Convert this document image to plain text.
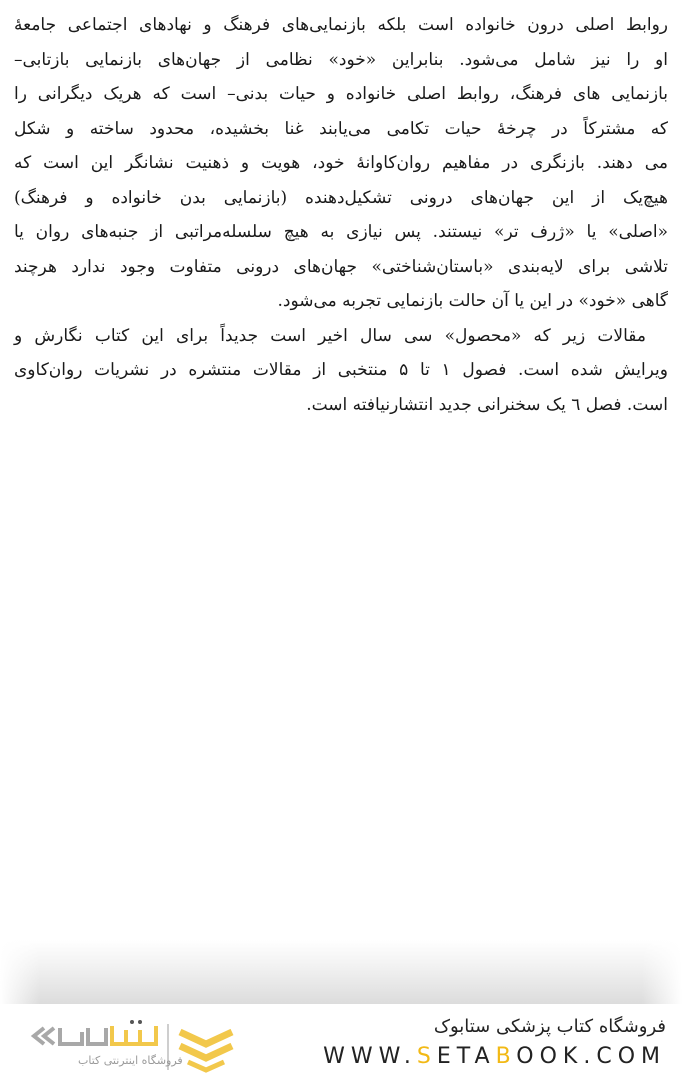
روابط اصلی درون خانواده است بلکه بازنمایی‌های فرهنگ و نهادهای اجتماعی جامعهٔ
او را نیز شامل می‌شود. بنابراین «خود» نظامی از جهان‌های بازنمایی بازتابی–
بازنمایی های فرهنگ، روابط اصلی خانواده و حیات بدنی– است که هریک دیگرانی را
که مشترکاً در چرخهٔ حیات تکامی می‌یابند غنا بخشیده، محدود ساخته و شکل
می دهند. بازنگری در مفاهیم روان‌کاوانهٔ خود، هویت و ذهنیت نشانگر این است که
هیچ‌یک از این جهان‌های درونی تشکیل‌دهنده (بازنمایی بدن خانواده و فرهنگ)
«اصلی» یا «ژرف تر» نیستند. پس نیازی به هیچ سلسله‌مراتبی از جنبه‌های روان یا
تلاشی برای لایه‌بندی «باستان‌شناختی» جهان‌های درونی متفاوت وجود ندارد هرچند
گاهی «خود» در این یا آن حالت بازنمایی تجربه می‌شود.

مقالات زیر که «محصول» سی سال اخیر است جدیداً برای این کتاب نگارش و
ویرایش شده است. فصول ۱ تا ۵ منتخبی از مقالات منتشره در نشریات روان‌کاوی
است. فصل ٦ یک سخنرانی جدید انتشارنیافته است.

فروشگاه اینترنتی کتاب
فروشگاه کتاب پزشکی ستابوک
WWW.SETABOOK.COM
